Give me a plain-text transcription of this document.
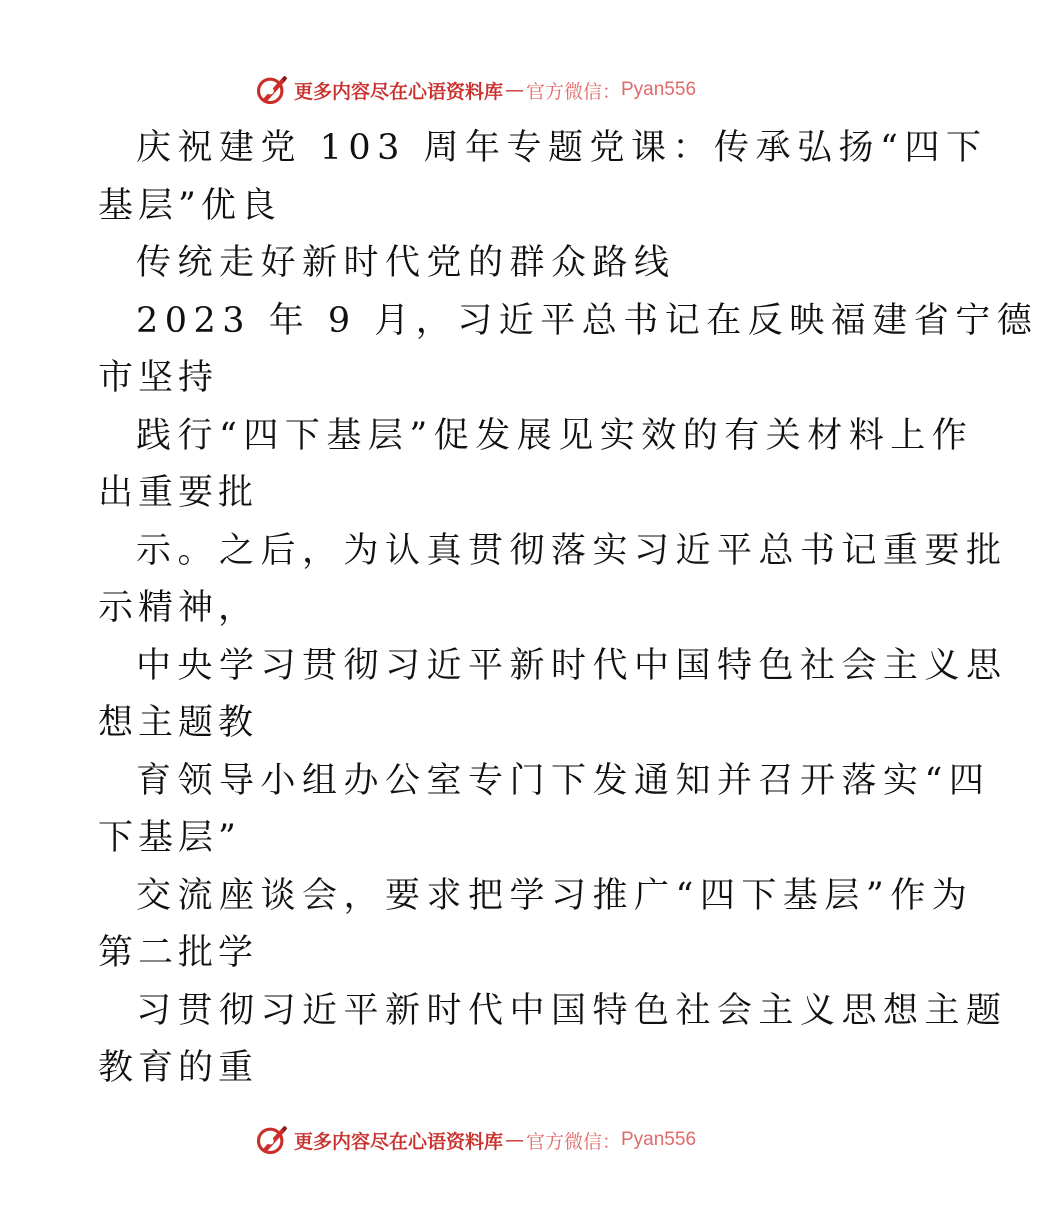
更多内容尽在心语资料库 — 官方微信： Pyan556
庆祝建党 103 周年专题党课：传承弘扬“四下
基层”优良
传统走好新时代党的群众路线
2023 年 9 月，习近平总书记在反映福建省宁德
市坚持
践行“四下基层”促发展见实效的有关材料上作
出重要批
示。之后，为认真贯彻落实习近平总书记重要批
示精神，
中央学习贯彻习近平新时代中国特色社会主义思
想主题教
育领导小组办公室专门下发通知并召开落实“四
下基层”
交流座谈会，要求把学习推广“四下基层”作为
第二批学
习贯彻习近平新时代中国特色社会主义思想主题
教育的重
更多内容尽在心语资料库 — 官方微信： Pyan556
